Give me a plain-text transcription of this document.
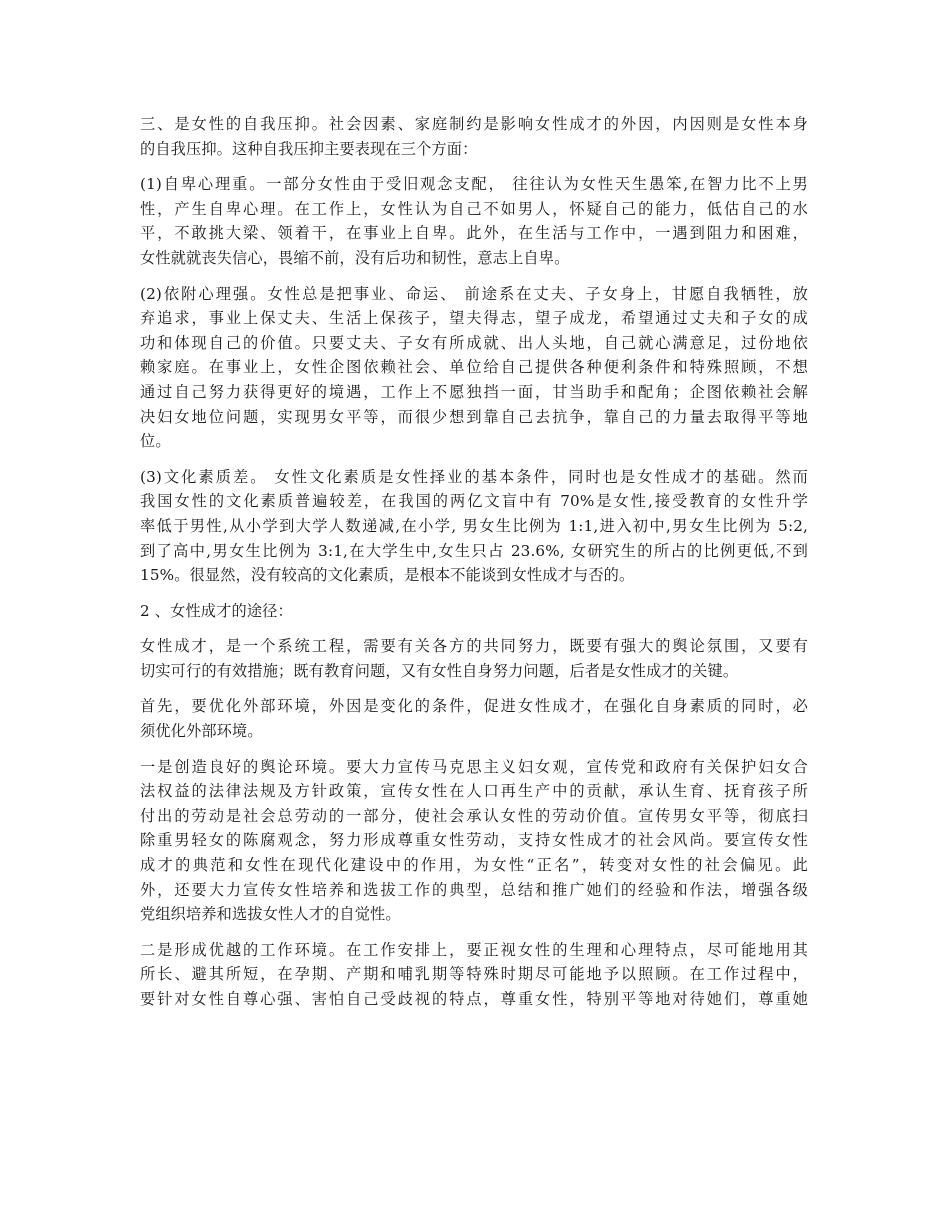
三、是女性的自我压抑。社会因素、家庭制约是影响女性成才的外因，内因则是女性本身
的自我压抑。这种自我压抑主要表现在三个方面：
(1)自卑心理重。一部分女性由于受旧观念支配， 往往认为女性天生愚笨,在智力比不上男
性，产生自卑心理。在工作上，女性认为自己不如男人，怀疑自己的能力，低估自己的水
平，不敢挑大梁、领着干，在事业上自卑。此外，在生活与工作中，一遇到阻力和困难，
女性就就丧失信心，畏缩不前，没有后功和韧性，意志上自卑。
(2)依附心理强。女性总是把事业、命运、 前途系在丈夫、子女身上，甘愿自我牺牲，放
弃追求，事业上保丈夫、生活上保孩子，望夫得志，望子成龙，希望通过丈夫和子女的成
功和体现自己的价值。只要丈夫、子女有所成就、出人头地，自己就心满意足，过份地依
赖家庭。在事业上，女性企图依赖社会、单位给自己提供各种便利条件和特殊照顾，不想
通过自己努力获得更好的境遇，工作上不愿独挡一面，甘当助手和配角；企图依赖社会解
决妇女地位问题，实现男女平等，而很少想到靠自己去抗争，靠自己的力量去取得平等地
位。
(3)文化素质差。 女性文化素质是女性择业的基本条件，同时也是女性成才的基础。然而
我国女性的文化素质普遍较差，在我国的两亿文盲中有 70%是女性,接受教育的女性升学
率低于男性,从小学到大学人数递减,在小学, 男女生比例为 1:1,进入初中,男女生比例为 5:2,
到了高中,男女生比例为 3:1,在大学生中,女生只占 23.6%, 女研究生的所占的比例更低,不到
15%。很显然，没有较高的文化素质，是根本不能谈到女性成才与否的。
2 、女性成才的途径：
女性成才，是一个系统工程，需要有关各方的共同努力，既要有强大的舆论氛围，又要有
切实可行的有效措施；既有教育问题，又有女性自身努力问题，后者是女性成才的关键。
首先，要优化外部环境，外因是变化的条件，促进女性成才，在强化自身素质的同时，必
须优化外部环境。
一是创造良好的舆论环境。要大力宣传马克思主义妇女观，宣传党和政府有关保护妇女合
法权益的法律法规及方针政策，宣传女性在人口再生产中的贡献，承认生育、抚育孩子所
付出的劳动是社会总劳动的一部分，使社会承认女性的劳动价值。宣传男女平等，彻底扫
除重男轻女的陈腐观念，努力形成尊重女性劳动，支持女性成才的社会风尚。要宣传女性
成才的典范和女性在现代化建设中的作用，为女性“正名”，转变对女性的社会偏见。此
外，还要大力宣传女性培养和选拔工作的典型，总结和推广她们的经验和作法，增强各级
党组织培养和选拔女性人才的自觉性。
二是形成优越的工作环境。在工作安排上，要正视女性的生理和心理特点，尽可能地用其
所长、避其所短，在孕期、产期和哺乳期等特殊时期尽可能地予以照顾。在工作过程中，
要针对女性自尊心强、害怕自己受歧视的特点，尊重女性，特别平等地对待她们，尊重她
